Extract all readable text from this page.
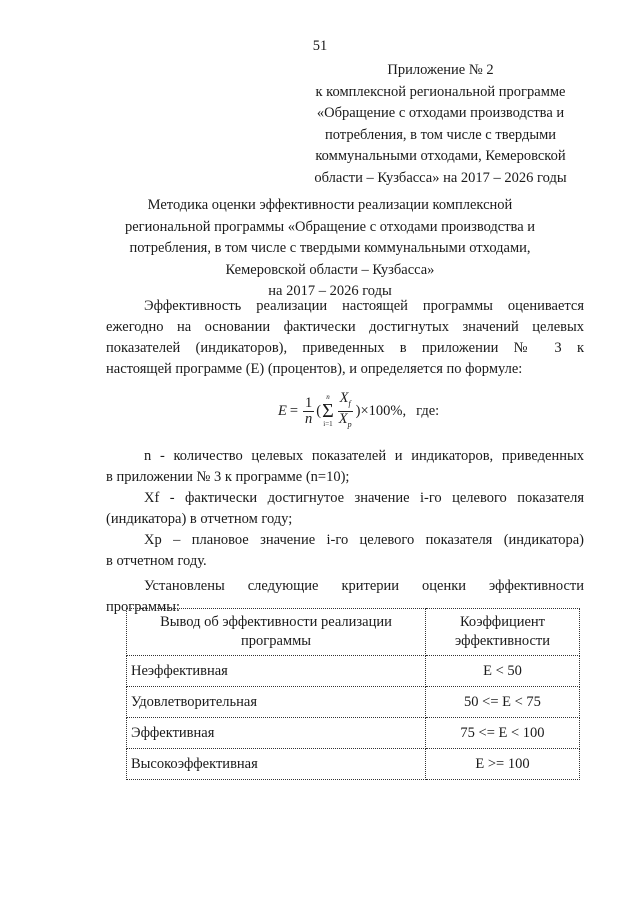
51
Приложение № 2
к комплексной региональной программе
«Обращение с отходами производства и
потребления, в том числе с твердыми
коммунальными отходами, Кемеровской
области – Кузбасса» на 2017 – 2026 годы
Методика оценки эффективности реализации комплексной
региональной программы «Обращение с отходами производства и
потребления, в том числе с твердыми коммунальными отходами,
Кемеровской области – Кузбасса»
на 2017 – 2026 годы
Эффективность реализации настоящей программы оценивается
ежегодно на основании фактически достигнутых значений целевых
показателей (индикаторов), приведенных в приложении № 3 к
настоящей программе (E) (процентов), и определяется по формуле:
$E = \frac{1}{n}$ (
n
Σ
$i=1 \frac{X_f}{X_p}$ ) ×100%, где:
n - количество целевых показателей и индикаторов, приведенных
в приложении № 3 к программе (n=10);
Xf - фактически достигнутое значение i-го целевого показателя
(индикатора) в отчетном году;
Xp – плановое значение i-го целевого показателя (индикатора)
в отчетном году.
Установлены следующие критерии оценки эффективности
программы:
Вывод об эффективности реализации программы	Коэффициент эффективности
Неэффективная	E < 50
Удовлетворительная	50 <= E < 75
Эффективная	75 <= E < 100
Высокоэффективная	E >= 100
